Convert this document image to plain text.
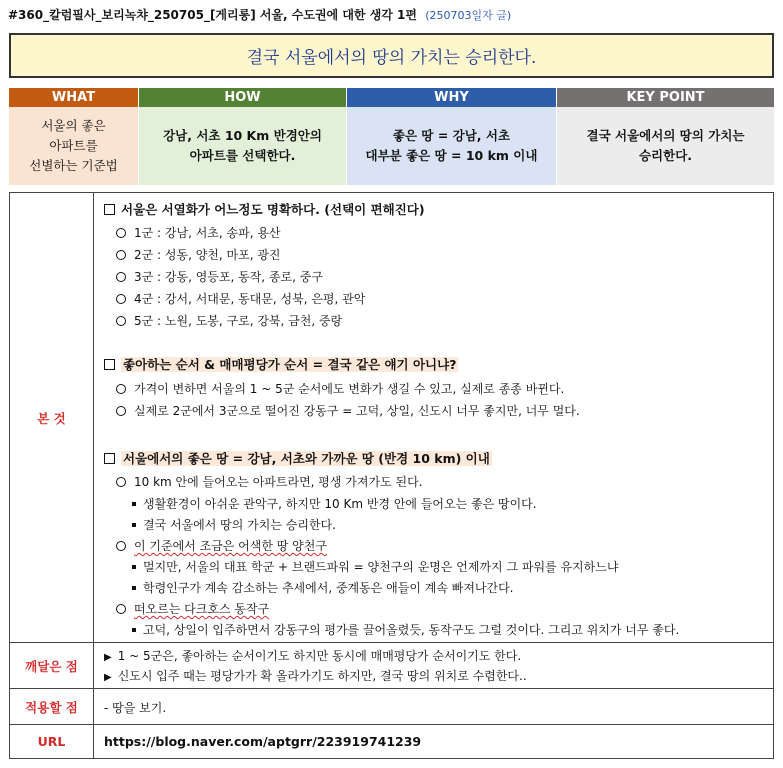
#360_칼럼필사_보리녹챠_250705_[게리롱] 서울, 수도권에 대한 생각 1편 (250703일자 글)
결국 서울에서의 땅의 가치는 승리한다.
WHAT
서울의 좋은
아파트를
선별하는 기준법
HOW
강남, 서초 10 Km 반경안의
아파트를 선택한다.
WHY
좋은 땅 = 강남, 서초
대부분 좋은 땅 = 10 km 이내
KEY POINT
결국 서울에서의 땅의 가치는
승리한다.
본 것
서울은 서열화가 어느정도 명확하다. (선택이 편해진다)
1군 : 강남, 서초, 송파, 용산
2군 : 성동, 양천, 마포, 광진
3군 : 강동, 영등포, 동작, 종로, 중구
4군 : 강서, 서대문, 동대문, 성북, 은평, 관악
5군 : 노원, 도봉, 구로, 강북, 금천, 중랑
좋아하는 순서 & 매매평당가 순서 = 결국 같은 얘기 아니냐?
가격이 변하면 서울의 1 ~ 5군 순서에도 변화가 생길 수 있고, 실제로 종종 바뀐다.
실제로 2군에서 3군으로 떨어진 강동구 = 고덕, 상일, 신도시 너무 좋지만, 너무 멀다.
서울에서의 좋은 땅 = 강남, 서초와 가까운 땅 (반경 10 km) 이내
10 km 안에 들어오는 아파트라면, 평생 가져가도 된다.
생활환경이 아쉬운 관악구, 하지만 10 Km 반경 안에 들어오는 좋은 땅이다.
결국 서울에서 땅의 가치는 승리한다.
이 기준에서 조금은 어색한 땅 양천구
멀지만, 서울의 대표 학군 + 브랜드파워 = 양천구의 운명은 언제까지 그 파워를 유지하느냐
학령인구가 계속 감소하는 추세에서, 중계동은 애들이 계속 빠져나간다.
떠오르는 다크호스 동작구
고덕, 상일이 입주하면서 강동구의 평가를 끌어올렸듯, 동작구도 그럴 것이다. 그리고 위치가 너무 좋다.
깨달은 점
▶ 1 ~ 5군은, 좋아하는 순서이기도 하지만 동시에 매매평당가 순서이기도 한다.
▶ 신도시 입주 때는 평당가가 확 올라가기도 하지만, 결국 땅의 위치로 수렴한다..
적용할 점	- 땅을 보기.
URL	https://blog.naver.com/aptgrr/223919741239
